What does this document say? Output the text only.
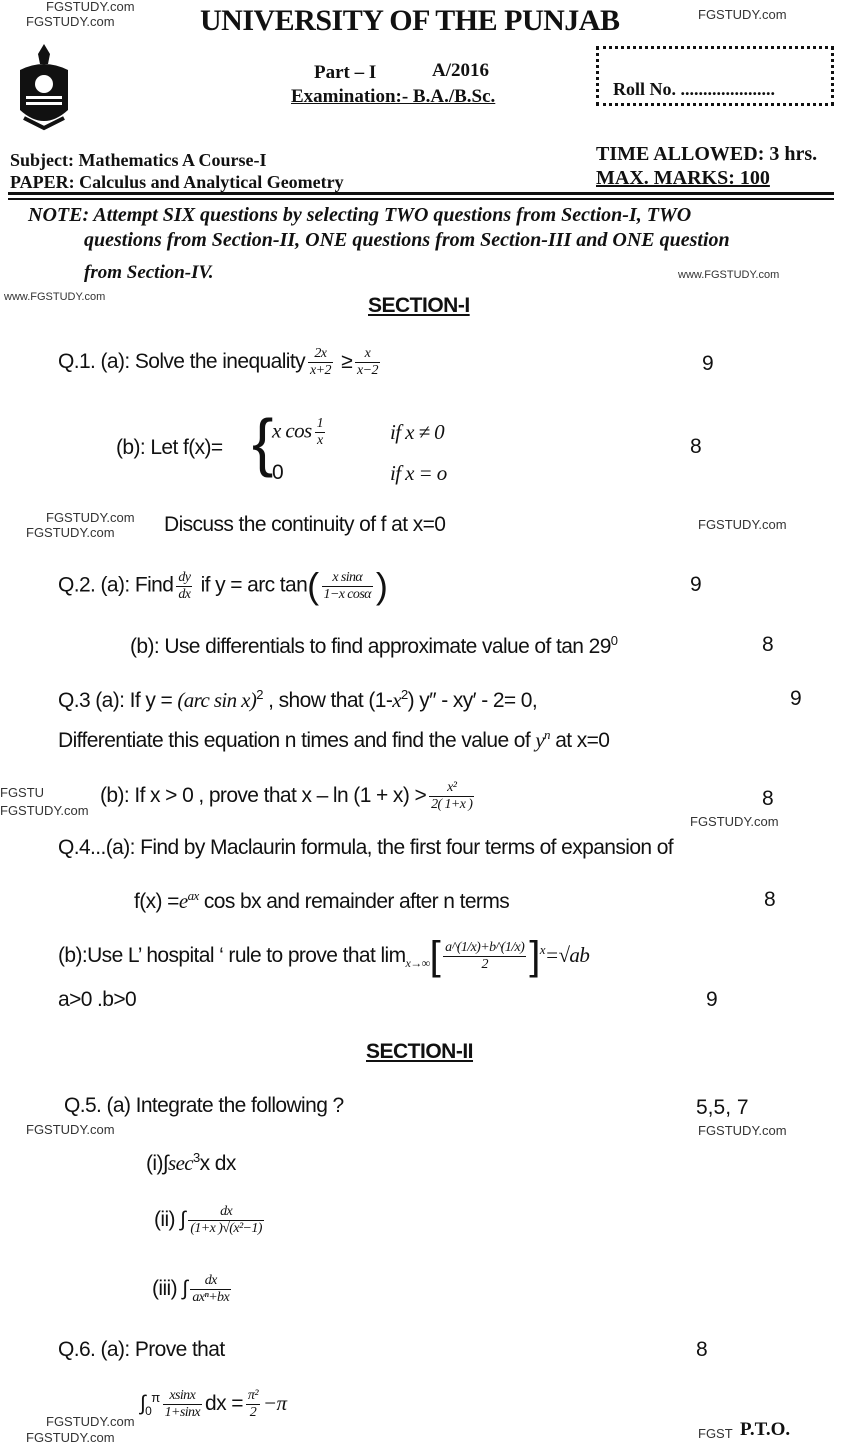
FGSTUDY.com
FGSTUDY.com	FGSTUDY.com
www.FGSTUDY.com
www.FGSTUDY.com
FGSTUDY.com
FGSTUDY.com
FGSTUDY.com
FGSTU
FGSTUDY.com
FGSTUDY.com
FGSTUDY.com	FGSTUDY.com
FGSTUDY.com
FGSTUDY.com	FGST
UNIVERSITY OF THE PUNJAB
Part – I	A/2016
Examination:- B.A./B.Sc.	Roll No. .....................
Subject: Mathematics A Course-I
PAPER: Calculus and Analytical Geometry
TIME ALLOWED: 3 hrs.
MAX. MARKS: 100
NOTE: Attempt SIX questions by selecting TWO questions from Section-I, TWO
questions from Section-II, ONE questions from Section-III and ONE question
from Section-IV.
SECTION-I
Q.1. (a): Solve the inequality $\frac{2x}{x+2} \ge \frac{x}{x-2}$	9
(b): Let f(x)= {
x $\cos \frac{1}{x}$	if x ≠ 0
0	if x = o
8
Discuss the continuity of f at x=0
Q.2. (a): Find $\frac{dy}{dx}$ if y = arc $\tan( \frac{\text{x sinα}}{\text{1−x cosα}}$ )	9
(b): Use differentials to find approximate value of $\tan 29^0$	8
Q.3 (a): If y = (arc sin x)$^2$ , show that $(1-x^2)$ y″ - xy′ - 2= 0,	9
Differentiate this equation n times and find the value of $y^n$ at x=0
(b): If x > 0 , prove that $x - \ln (1 + x) > \frac{\text{x²}}{2( 1+x )}$	8
Q.4...(a): Find by Maclaurin formula, the first four terms of expansion of
$f(x) =e^{ax}$ cos bx and remainder after n terms	8
(b):Use L’ hospital ‘ rule to prove that $\lim_{x\to\infty}[ \frac{a\^{}(1/x)+b\^{}(1/x)}{2} ]^x=√ab$
a>0 .b>0	9
SECTION-II
Q.5. (a) Integrate the following ?	5,5, 7
$(i)\int\sec^3x$ dx
(ii) ∫ $\frac{dx}{\text{(1+x )√(x²−1)}}$
(iii) ∫ $\frac{dx}{\text{axⁿ+bx}}$
Q.6. (a): Prove that	8
$\int_0^\pi \frac{xsinx}{1+\sin x}$ dx = $\frac{\text{π²}}{2} -\pi$
P.T.O.
